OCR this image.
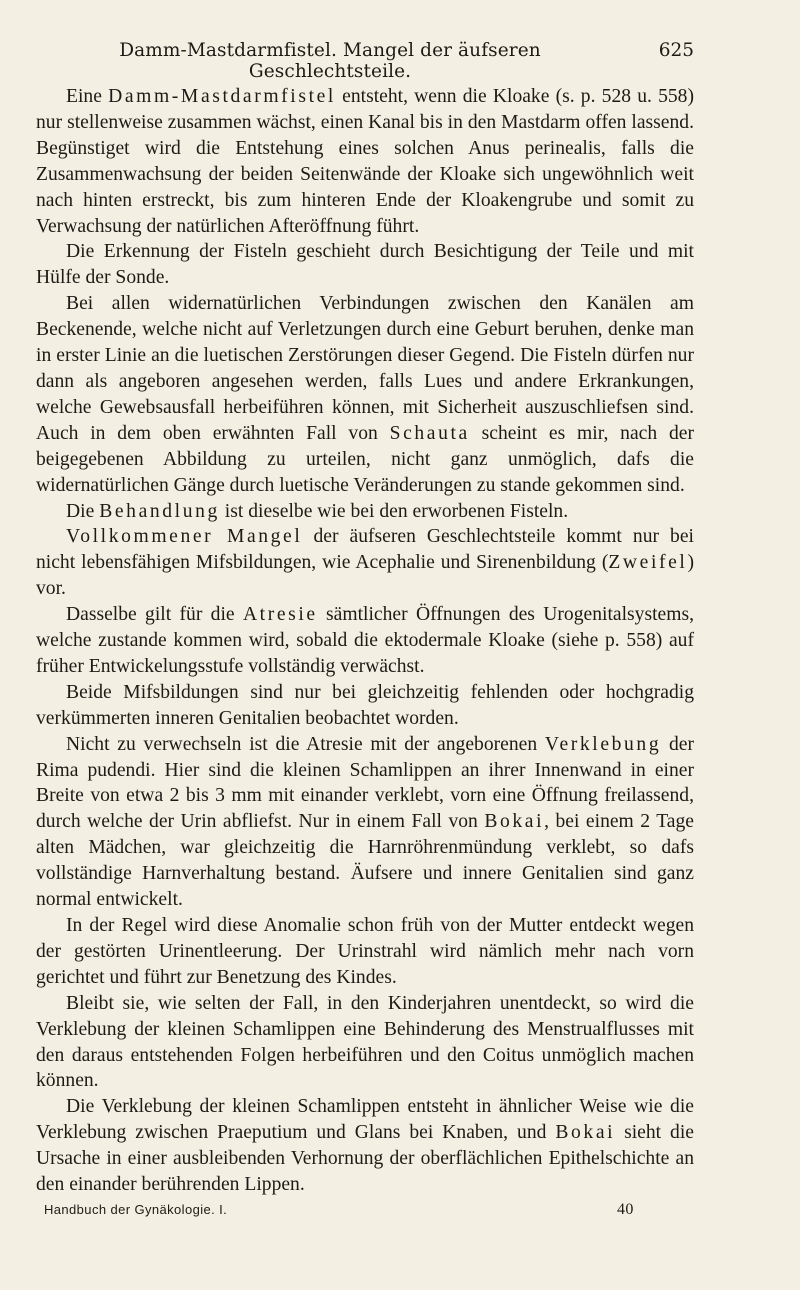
Damm-Mastdarmfistel. Mangel der äufseren Geschlechtsteile.
625

Eine Damm-Mastdarmfistel entsteht, wenn die Kloake (s. p. 528 u. 558) nur stellenweise zusammen wächst, einen Kanal bis in den Mastdarm offen lassend. Begünstiget wird die Entstehung eines solchen Anus perinealis, falls die Zusammenwachsung der beiden Seitenwände der Kloake sich ungewöhnlich weit nach hinten erstreckt, bis zum hinteren Ende der Kloakengrube und somit zu Verwachsung der natürlichen Afteröffnung führt.

Die Erkennung der Fisteln geschieht durch Besichtigung der Teile und mit Hülfe der Sonde.

Bei allen widernatürlichen Verbindungen zwischen den Kanälen am Beckenende, welche nicht auf Verletzungen durch eine Geburt beruhen, denke man in erster Linie an die luetischen Zerstörungen dieser Gegend. Die Fisteln dürfen nur dann als angeboren angesehen werden, falls Lues und andere Erkrankungen, welche Gewebsausfall herbeiführen können, mit Sicherheit auszuschliefsen sind. Auch in dem oben erwähnten Fall von Schauta scheint es mir, nach der beigegebenen Abbildung zu urteilen, nicht ganz unmöglich, dafs die widernatürlichen Gänge durch luetische Veränderungen zu stande gekommen sind.

Die Behandlung ist dieselbe wie bei den erworbenen Fisteln.

Vollkommener Mangel der äufseren Geschlechtsteile kommt nur bei nicht lebensfähigen Mifsbildungen, wie Acephalie und Sirenenbildung (Zweifel) vor.

Dasselbe gilt für die Atresie sämtlicher Öffnungen des Urogenitalsystems, welche zustande kommen wird, sobald die ektodermale Kloake (siehe p. 558) auf früher Entwickelungsstufe vollständig verwächst.

Beide Mifsbildungen sind nur bei gleichzeitig fehlenden oder hochgradig verkümmerten inneren Genitalien beobachtet worden.

Nicht zu verwechseln ist die Atresie mit der angeborenen Verklebung der Rima pudendi. Hier sind die kleinen Schamlippen an ihrer Innenwand in einer Breite von etwa 2 bis 3 mm mit einander verklebt, vorn eine Öffnung freilassend, durch welche der Urin abfliefst. Nur in einem Fall von Bokai, bei einem 2 Tage alten Mädchen, war gleichzeitig die Harnröhrenmündung verklebt, so dafs vollständige Harnverhaltung bestand. Äufsere und innere Genitalien sind ganz normal entwickelt.

In der Regel wird diese Anomalie schon früh von der Mutter entdeckt wegen der gestörten Urinentleerung. Der Urinstrahl wird nämlich mehr nach vorn gerichtet und führt zur Benetzung des Kindes.

Bleibt sie, wie selten der Fall, in den Kinderjahren unentdeckt, so wird die Verklebung der kleinen Schamlippen eine Behinderung des Menstrualflusses mit den daraus entstehenden Folgen herbeiführen und den Coitus unmöglich machen können.

Die Verklebung der kleinen Schamlippen entsteht in ähnlicher Weise wie die Verklebung zwischen Praeputium und Glans bei Knaben, und Bokai sieht die Ursache in einer ausbleibenden Verhornung der oberflächlichen Epithelschichte an den einander berührenden Lippen.

Handbuch der Gynäkologie. I.	40
